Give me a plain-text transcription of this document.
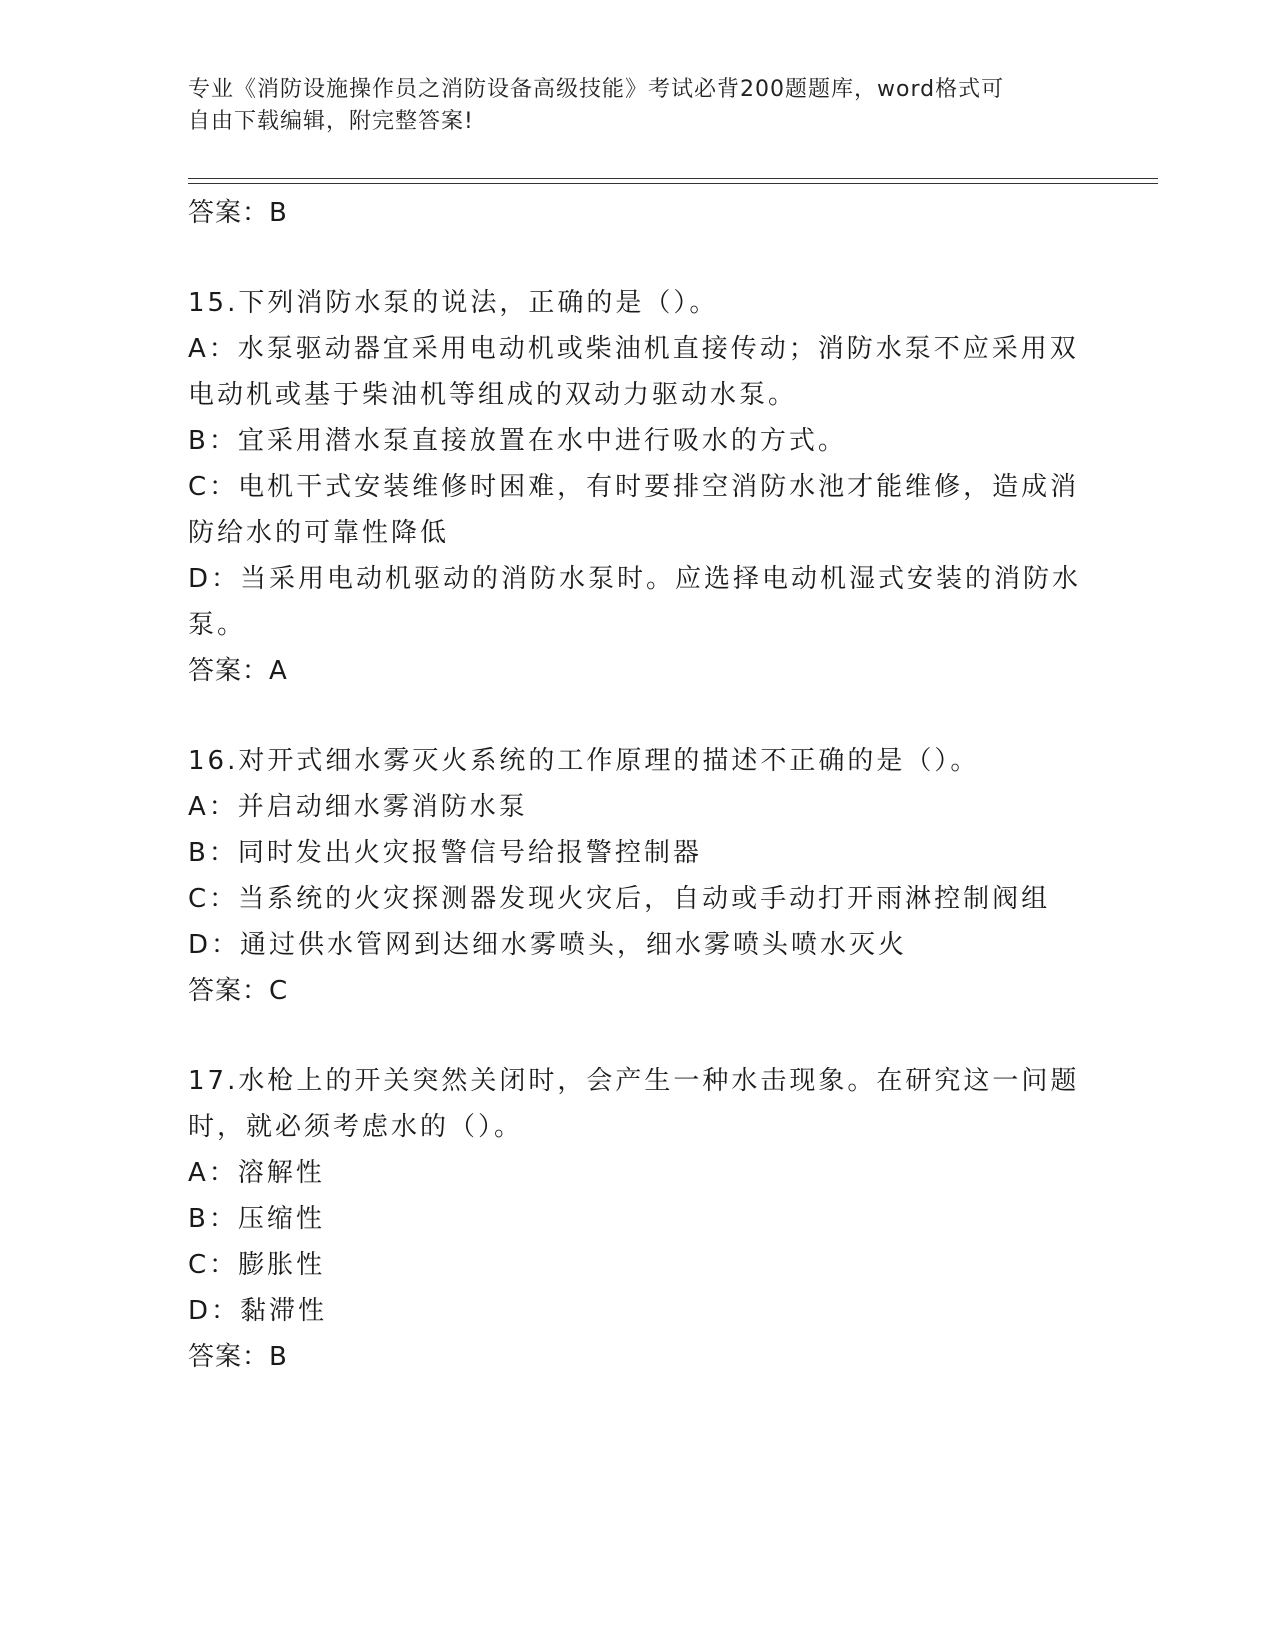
专业《消防设施操作员之消防设备高级技能》考试必背200题题库，word格式可
自由下载编辑，附完整答案!

答案：B

15.下列消防水泵的说法，正确的是（）。

A：水泵驱动器宜采用电动机或柴油机直接传动；消防水泵不应采用双电动机或基于柴油机等组成的双动力驱动水泵。

B：宜采用潜水泵直接放置在水中进行吸水的方式。

C：电机干式安装维修时困难，有时要排空消防水池才能维修，造成消防给水的可靠性降低

D：当采用电动机驱动的消防水泵时。应选择电动机湿式安装的消防水泵。

答案：A

16.对开式细水雾灭火系统的工作原理的描述不正确的是（）。

A：并启动细水雾消防水泵

B：同时发出火灾报警信号给报警控制器

C：当系统的火灾探测器发现火灾后，自动或手动打开雨淋控制阀组

D：通过供水管网到达细水雾喷头，细水雾喷头喷水灭火

答案：C

17.水枪上的开关突然关闭时，会产生一种水击现象。在研究这一问题时，就必须考虑水的（）。

A：溶解性

B：压缩性

C：膨胀性

D：黏滞性

答案：B
